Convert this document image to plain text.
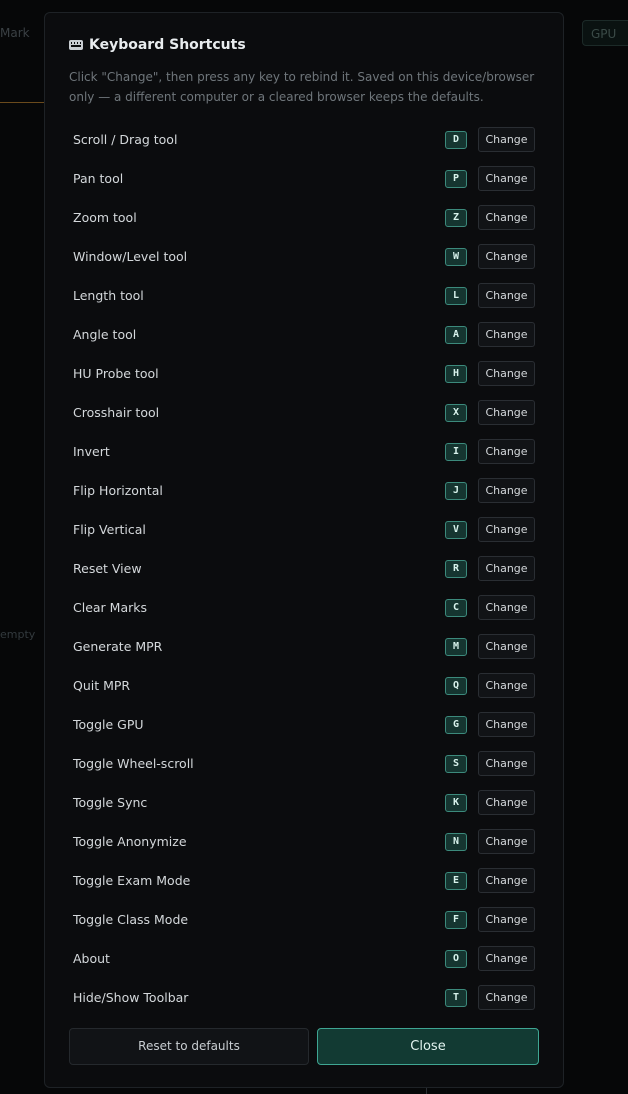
Mark
empty
GPU
Keyboard Shortcuts
Click "Change", then press any key to rebind it. Saved on this device/browser only — a different computer or a cleared browser keeps the defaults.
Scroll / Drag tool	D	Change
Pan tool	P	Change
Zoom tool	Z	Change
Window/Level tool	W	Change
Length tool	L	Change
Angle tool	A	Change
HU Probe tool	H	Change
Crosshair tool	X	Change
Invert	I	Change
Flip Horizontal	J	Change
Flip Vertical	V	Change
Reset View	R	Change
Clear Marks	C	Change
Generate MPR	M	Change
Quit MPR	Q	Change
Toggle GPU	G	Change
Toggle Wheel-scroll	S	Change
Toggle Sync	K	Change
Toggle Anonymize	N	Change
Toggle Exam Mode	E	Change
Toggle Class Mode	F	Change
About	O	Change
Hide/Show Toolbar	T	Change
Reset to defaults	Close
